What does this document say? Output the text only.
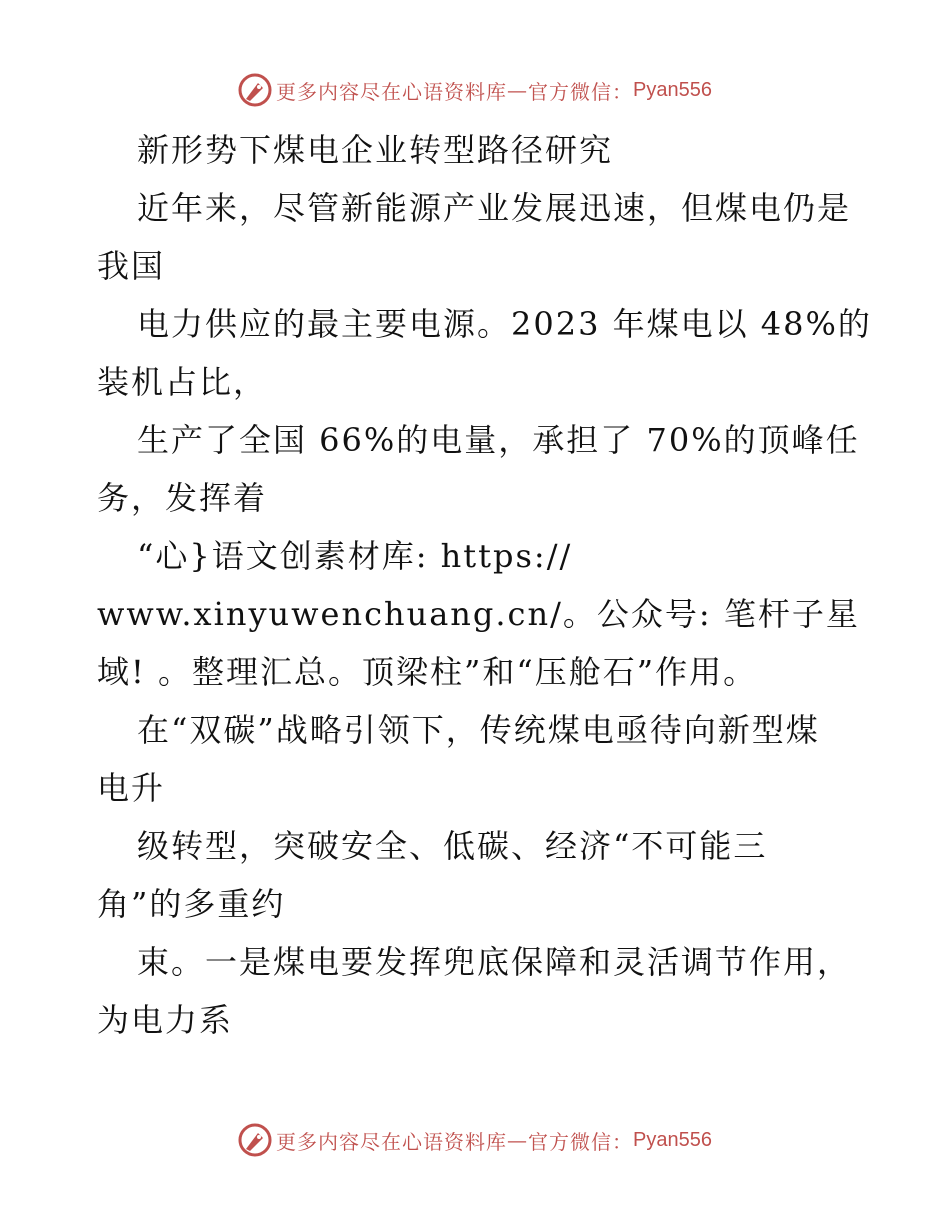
更多内容尽在心语资料库 — 官方微信： Pyan556
新形势下煤电企业转型路径研究
近年来，尽管新能源产业发展迅速，但煤电仍是
我国
电力供应的最主要电源。2023 年煤电以 48%的
装机占比，
生产了全国 66%的电量，承担了 70%的顶峰任
务，发挥着
“心}语文创素材库: https://
www.xinyuwenchuang.cn/。公众号: 笔杆子星
域! 。整理汇总。顶梁柱”和“压舱石”作用。
在“双碳”战略引领下，传统煤电亟待向新型煤
电升
级转型，突破安全、低碳、经济“不可能三
角”的多重约
束。一是煤电要发挥兜底保障和灵活调节作用，
为电力系
更多内容尽在心语资料库 — 官方微信： Pyan556
